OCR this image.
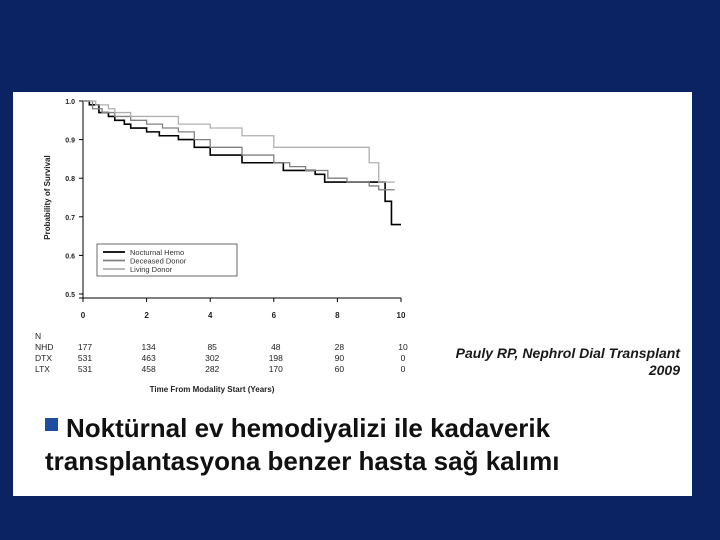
0.5
0.6
0.7
0.8
0.9
1.0
0	2	4	6	8	10
Probability of Survival
Nocturnal Hemo
Deceased Donor
Living Donor
N
NHD	177	134	85	48	28	10
DTX	531	463	302	198	90	0
LTX	531	458	282	170	60	0
Time From Modality Start (Years)
Pauly RP, Nephrol Dial Transplant
2009
Noktürnal ev hemodiyalizi ile kadaverik transplantasyona benzer hasta sağ kalımı
